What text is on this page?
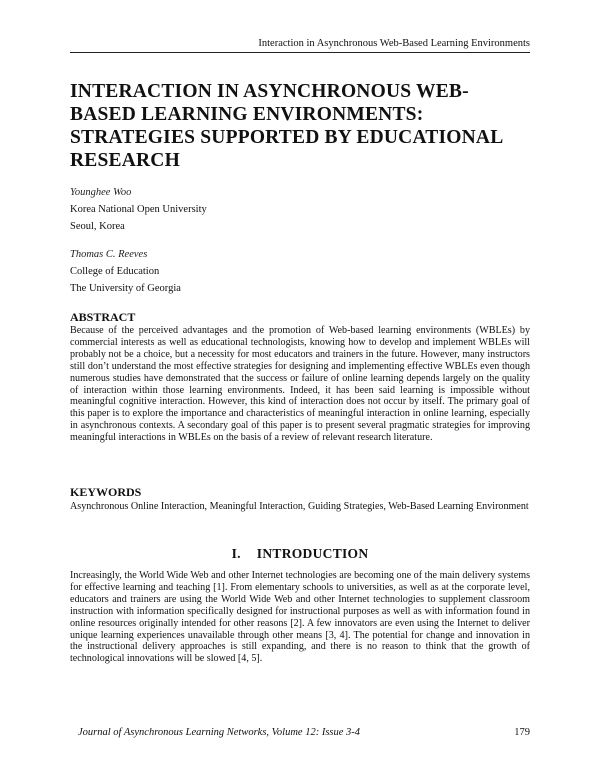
Interaction in Asynchronous Web-Based Learning Environments
INTERACTION IN ASYNCHRONOUS WEB-
BASED LEARNING ENVIRONMENTS:
STRATEGIES SUPPORTED BY EDUCATIONAL
RESEARCH
Younghee Woo
Korea National Open University
Seoul, Korea
Thomas C. Reeves
College of Education
The University of Georgia
ABSTRACT
Because of the perceived advantages and the promotion of Web-based learning environments (WBLEs) by commercial interests as well as educational technologists, knowing how to develop and implement WBLEs will probably not be a choice, but a necessity for most educators and trainers in the future. However, many instructors still don’t understand the most effective strategies for designing and implementing effective WBLEs even though numerous studies have demonstrated that the success or failure of online learning depends largely on the quality of interaction within those learning environments. Indeed, it has been said learning is impossible without meaningful cognitive interaction. However, this kind of interaction does not occur by itself. The primary goal of this paper is to explore the importance and characteristics of meaningful interaction in online learning, especially in asynchronous contexts. A secondary goal of this paper is to present several pragmatic strategies for improving meaningful interactions in WBLEs on the basis of a review of relevant research literature.
KEYWORDS
Asynchronous Online Interaction, Meaningful Interaction, Guiding Strategies, Web-Based Learning Environment
I. INTRODUCTION
Increasingly, the World Wide Web and other Internet technologies are becoming one of the main delivery systems for effective learning and teaching [1]. From elementary schools to universities, as well as at the corporate level, educators and trainers are using the World Wide Web and other Internet technologies to supplement classroom instruction with information specifically designed for instructional purposes as well as with information found in online resources originally intended for other reasons [2]. A few innovators are even using the Internet to deliver unique learning experiences unavailable through other means [3, 4]. The potential for change and innovation in the instructional delivery approaches is still expanding, and there is no reason to think that the growth of technological innovations will be slowed [4, 5].
Journal of Asynchronous Learning Networks, Volume 12: Issue 3-4	179
